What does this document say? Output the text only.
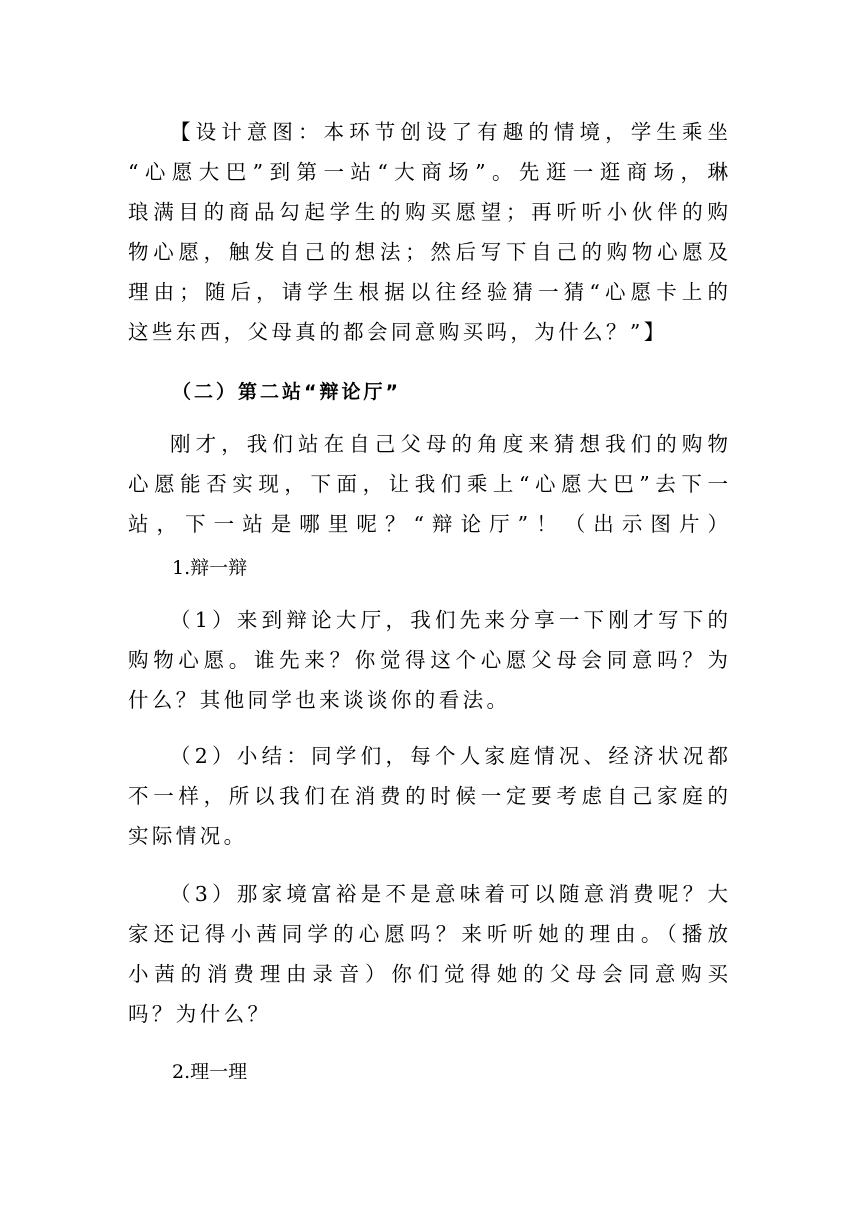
【设计意图：本环节创设了有趣的情境，学生乘坐
“心愿大巴”到第一站“大商场”。先逛一逛商场，琳
琅满目的商品勾起学生的购买愿望；再听听小伙伴的购
物心愿，触发自己的想法；然后写下自己的购物心愿及
理由；随后，请学生根据以往经验猜一猜“心愿卡上的
这些东西，父母真的都会同意购买吗，为什么？”】
（二）第二站“辩论厅”
刚才，我们站在自己父母的角度来猜想我们的购物
心愿能否实现，下面，让我们乘上“心愿大巴”去下一
站，下一站是哪里呢？“辩论厅”！（出示图片）
1.辩一辩
（1）来到辩论大厅，我们先来分享一下刚才写下的
购物心愿。谁先来？你觉得这个心愿父母会同意吗？为
什么？其他同学也来谈谈你的看法。
（2）小结：同学们，每个人家庭情况、经济状况都
不一样，所以我们在消费的时候一定要考虑自己家庭的
实际情况。
（3）那家境富裕是不是意味着可以随意消费呢？大
家还记得小茜同学的心愿吗？来听听她的理由。（播放
小茜的消费理由录音）你们觉得她的父母会同意购买
吗？为什么？
2.理一理
